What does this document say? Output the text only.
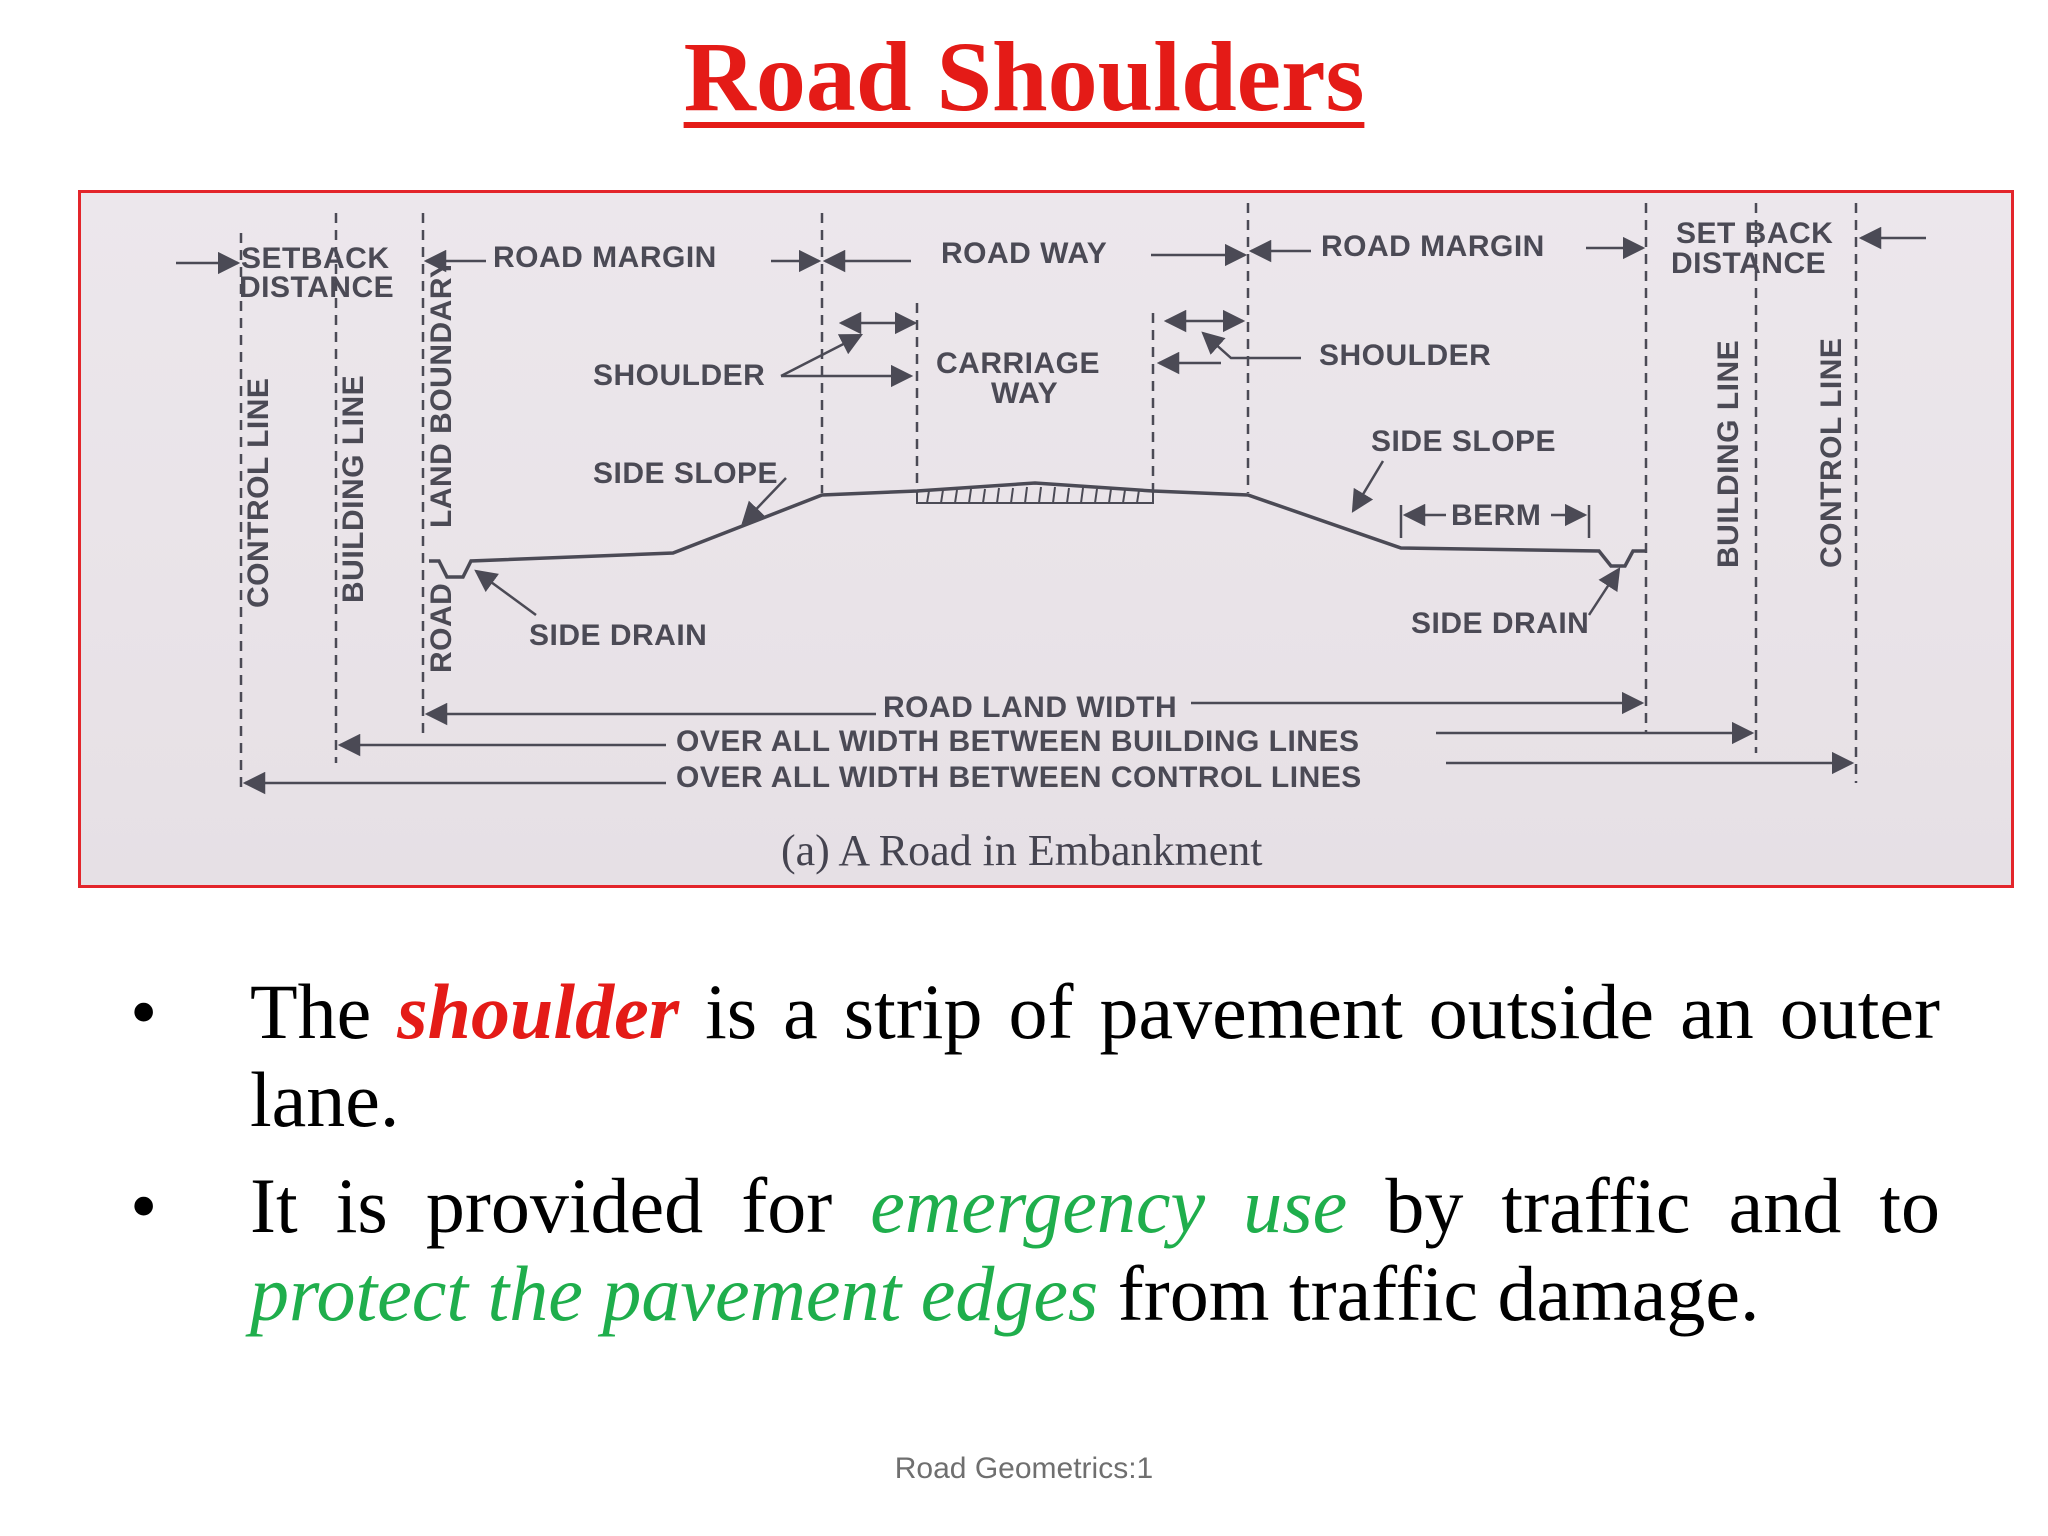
Road Shoulders
SETBACK
DISTANCE
ROAD MARGIN	ROAD WAY	ROAD MARGIN	SET BACK
DISTANCE
SHOULDER	CARRIAGE
WAY
SHOULDER
SIDE SLOPE
SIDE SLOPE
BERM
SIDE DRAIN	SIDE DRAIN
ROAD LAND WIDTH
OVER ALL WIDTH BETWEEN BUILDING LINES
OVER ALL WIDTH BETWEEN CONTROL LINES
CONTROL LINE BUILDING LINE LAND BOUNDARY
ROAD
BUILDING LINE CONTROL LINE
(a) A Road in Embankment
• The shoulder is a strip of pavement outside an outer lane.
• It is provided for emergency use by traffic and to protect the pavement edges from traffic damage.
Road Geometrics:1
